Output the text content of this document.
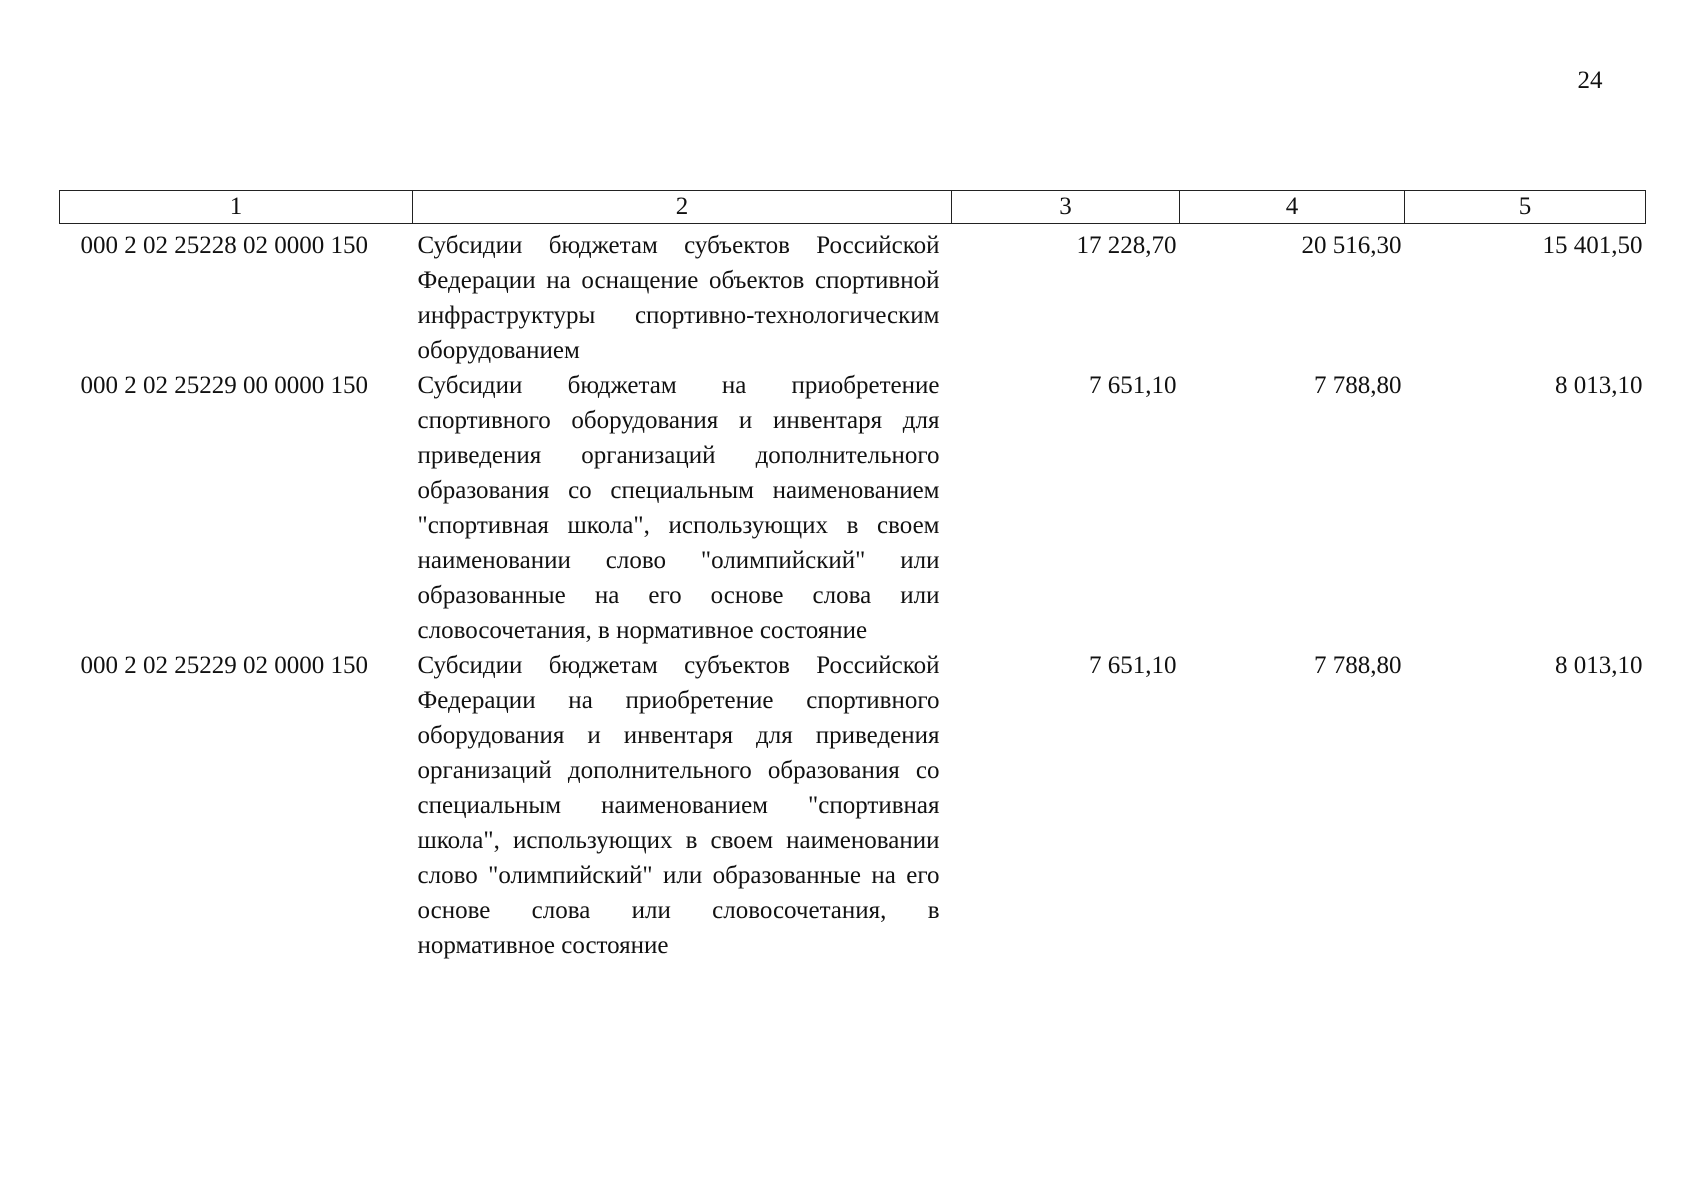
24
1	2	3	4	5
000 2 02 25228 02 0000 150	Субсидии бюджетам субъектов Российской Федерации на оснащение объектов спортивной инфраструктуры спортивно-технологическим оборудованием	17 228,70	20 516,30	15 401,50
000 2 02 25229 00 0000 150	Субсидии бюджетам на приобретение спортивного оборудования и инвентаря для приведения организаций дополнительного образования со специальным наименованием "спортивная школа", использующих в своем наименовании слово "олимпийский" или образованные на его основе слова или словосочетания, в нормативное состояние	7 651,10	7 788,80	8 013,10
000 2 02 25229 02 0000 150	Субсидии бюджетам субъектов Российской Федерации на приобретение спортивного оборудования и инвентаря для приведения организаций дополнительного образования со специальным наименованием "спортивная школа", использующих в своем наименовании слово "олимпийский" или образованные на его основе слова или словосочетания, в нормативное состояние	7 651,10	7 788,80	8 013,10
